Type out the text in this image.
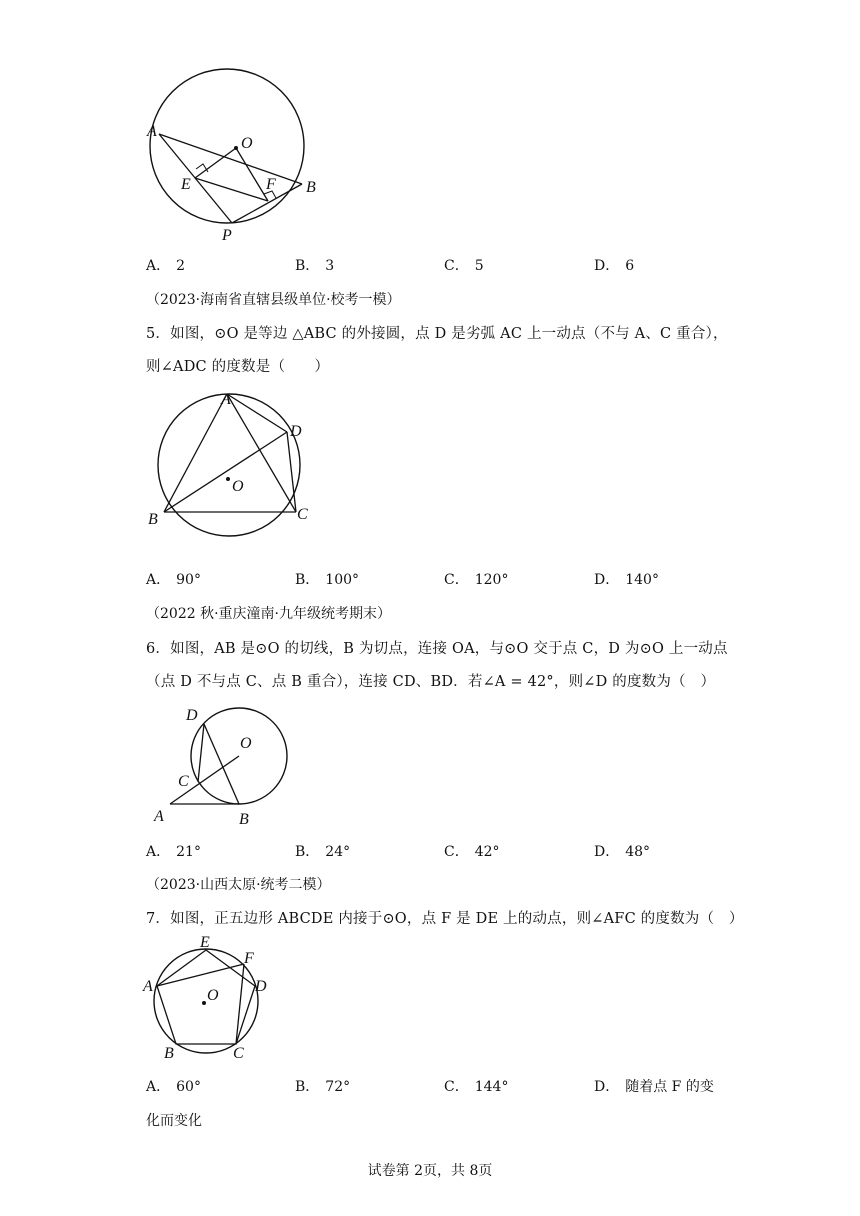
A
O
E	F B
P
A． 2	B． 3	C． 5	D． 6
（2023·海南省直辖县级单位·校考一模）
5．如图，⊙O 是等边 △ABC 的外接圆，点 D 是劣弧 AC 上一动点（不与 A、C 重合），
则∠ADC 的度数是（　　）
A
D
O
B	C
A． 90°	B． 100°	C． 120°	D． 140°
（2022 秋·重庆潼南·九年级统考期末）
6．如图，AB 是⊙O 的切线，B 为切点，连接 OA，与⊙O 交于点 C，D 为⊙O 上一动点
（点 D 不与点 C、点 B 重合），连接 CD、BD．若∠A = 42°，则∠D 的度数为（　）
D
O
C
A	B
A． 21°	B． 24°	C． 42°	D． 48°
（2023·山西太原·统考二模）
7．如图，正五边形 ABCDE 内接于⊙O，点 F 是 DE 上的动点，则∠AFC 的度数为（　）
E
F
A	D
O
B	C
A． 60°	B． 72°	C． 144°	D． 随着点 F 的变
化而变化
试卷第 2页，共 8页
